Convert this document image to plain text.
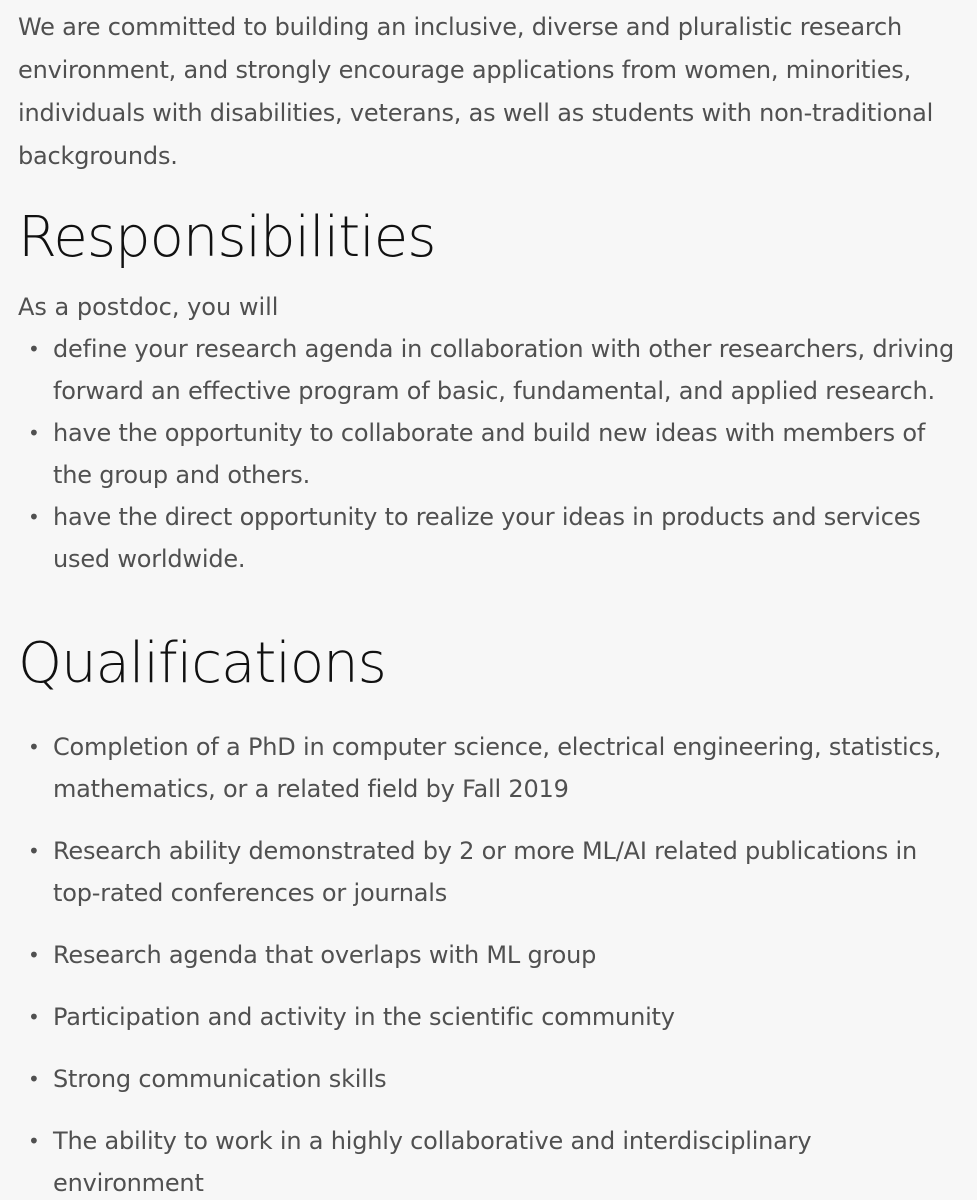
We are committed to building an inclusive, diverse and pluralistic research environment, and strongly encourage applications from women, minorities, individuals with disabilities, veterans, as well as students with non-traditional backgrounds.

Responsibilities

As a postdoc, you will

• define your research agenda in collaboration with other researchers, driving forward an effective program of basic, fundamental, and applied research.
• have the opportunity to collaborate and build new ideas with members of the group and others.
• have the direct opportunity to realize your ideas in products and services used worldwide.
Qualifications
• Completion of a PhD in computer science, electrical engineering, statistics, mathematics, or a related field by Fall 2019
• Research ability demonstrated by 2 or more ML/AI related publications in top-rated conferences or journals
• Research agenda that overlaps with ML group
• Participation and activity in the scientific community
• Strong communication skills
• The ability to work in a highly collaborative and interdisciplinary environment
